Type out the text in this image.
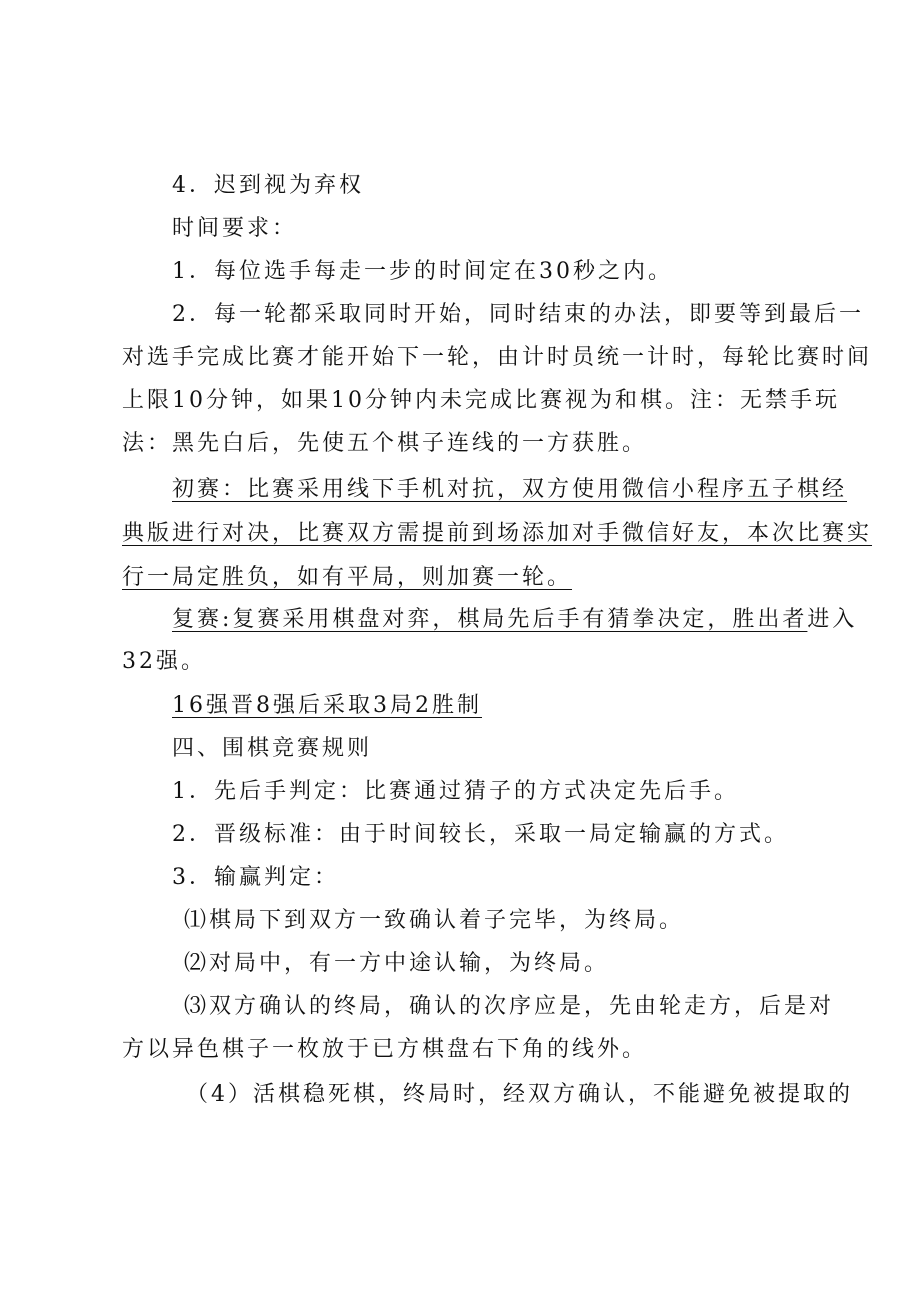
4．迟到视为弃权
时间要求：
1．每位选手每走一步的时间定在30秒之内。
2．每一轮都采取同时开始，同时结束的办法，即要等到最后一
对选手完成比赛才能开始下一轮，由计时员统一计时，每轮比赛时间
上限10分钟，如果10分钟内未完成比赛视为和棋。注：无禁手玩
法：黑先白后，先使五个棋子连线的一方获胜。
初赛：比赛采用线下手机对抗，双方使用微信小程序五子棋经
典版进行对决，比赛双方需提前到场添加对手微信好友，本次比赛实
行一局定胜负，如有平局，则加赛一轮。
复赛:复赛采用棋盘对弈，棋局先后手有猜拳决定，胜出者进入
32强。
16强晋8强后采取3局2胜制
四、围棋竞赛规则
1．先后手判定：比赛通过猜子的方式决定先后手。
2．晋级标准：由于时间较长，采取一局定输赢的方式。
3．输赢判定：
⑴棋局下到双方一致确认着子完毕，为终局。
⑵对局中，有一方中途认输，为终局。
⑶双方确认的终局，确认的次序应是，先由轮走方，后是对
方以异色棋子一枚放于已方棋盘右下角的线外。
（4）活棋稳死棋，终局时，经双方确认，不能避免被提取的
